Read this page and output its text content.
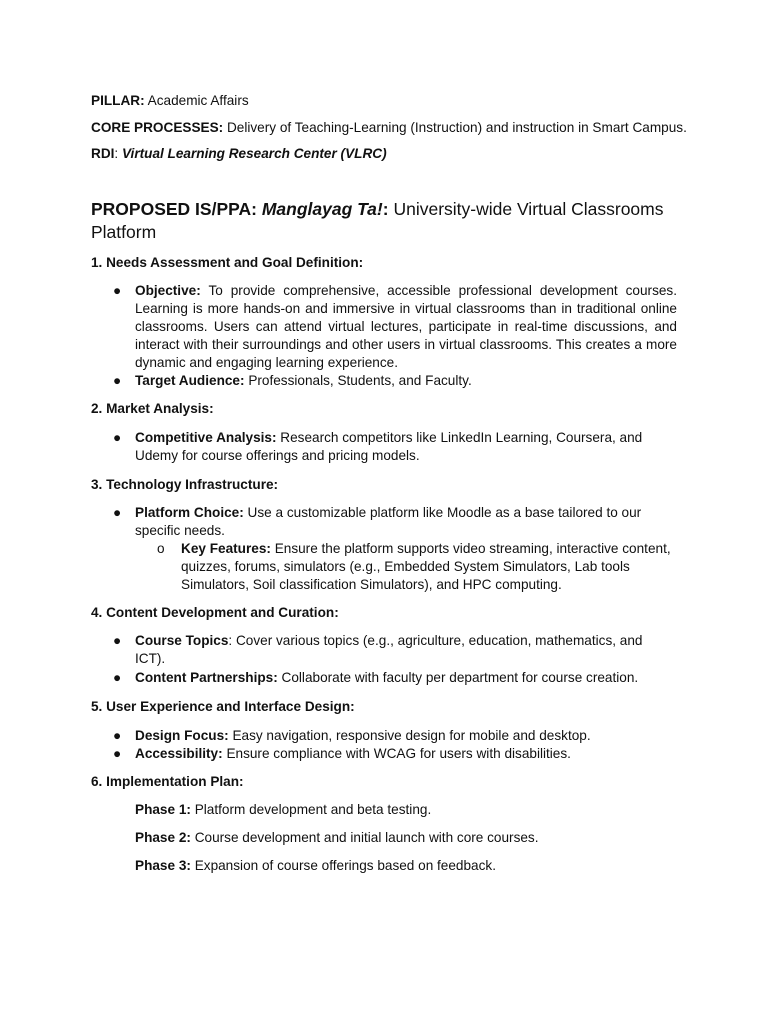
PILLAR: Academic Affairs
CORE PROCESSES: Delivery of Teaching-Learning (Instruction) and instruction in Smart Campus.
RDI: Virtual Learning Research Center (VLRC)
PROPOSED IS/PPA: Manglayag Ta!: University-wide Virtual Classrooms Platform
1. Needs Assessment and Goal Definition:
● Objective: To provide comprehensive, accessible professional development courses. Learning is more hands-on and immersive in virtual classrooms than in traditional online classrooms. Users can attend virtual lectures, participate in real-time discussions, and interact with their surroundings and other users in virtual classrooms. This creates a more dynamic and engaging learning experience.
● Target Audience: Professionals, Students, and Faculty.
2. Market Analysis:
● Competitive Analysis: Research competitors like LinkedIn Learning, Coursera, and Udemy for course offerings and pricing models.
3. Technology Infrastructure:
● Platform Choice: Use a customizable platform like Moodle as a base tailored to our specific needs.
o Key Features: Ensure the platform supports video streaming, interactive content, quizzes, forums, simulators (e.g., Embedded System Simulators, Lab tools Simulators, Soil classification Simulators), and HPC computing.
4. Content Development and Curation:
● Course Topics: Cover various topics (e.g., agriculture, education, mathematics, and ICT).
● Content Partnerships: Collaborate with faculty per department for course creation.
5. User Experience and Interface Design:
● Design Focus: Easy navigation, responsive design for mobile and desktop.
● Accessibility: Ensure compliance with WCAG for users with disabilities.
6. Implementation Plan:
Phase 1: Platform development and beta testing.
Phase 2: Course development and initial launch with core courses.
Phase 3: Expansion of course offerings based on feedback.
